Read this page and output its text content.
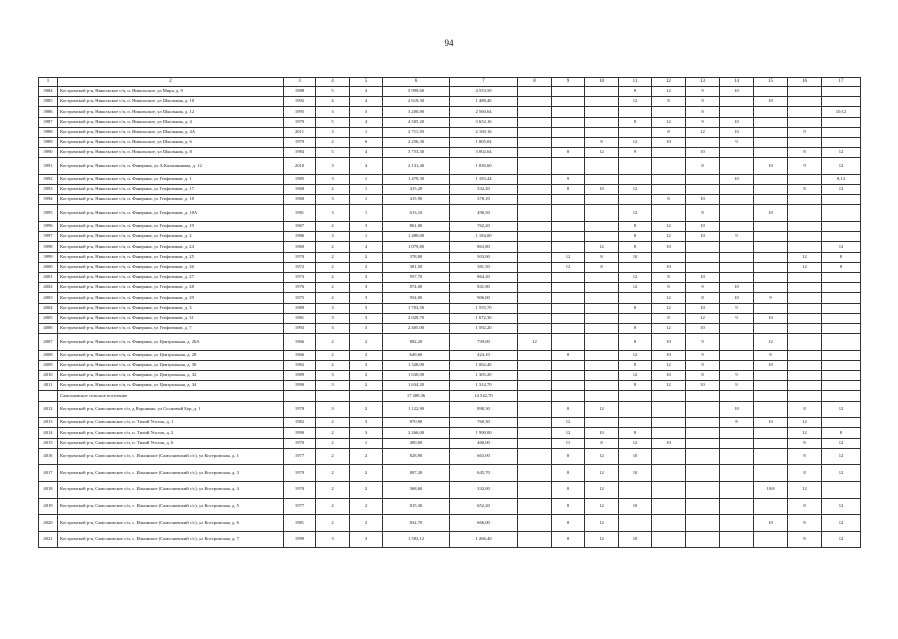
94
1	2	3	4	5	6	7	8	9	10	11	12	13	14	15	16	17
3984	Костромской р-н, Никольское с/п, п. Никольское, ул Мира, д. 9	1988	5	4	5 999,60	4 553,50				8	12	9	10			
3985	Костромской р-н, Никольское с/п, п. Никольское, ул Школьная, д. 10	1992	4	4	2 619,30	1 488,40				12	8	9		10		
3986	Костромской р-н, Никольское с/п, п. Никольское, ул Школьная, д. 12	1995	3	3	3 200,80	2 560,64						8				10;12
3987	Костромской р-н, Никольское с/п, п. Никольское, ул Школьная, д. 4	1979	5	4	4 505,20	3 652,16				8	12	9	10			
3988	Костромской р-н, Никольское с/п, п. Никольское, ул Школьная, д. 4А	2011	3	1	2 711,50	2 169,16					8	12	10		9	
3989	Костромской р-н, Никольское с/п, п. Никольское, ул Школьная, д. 6	1979	2	6	2 256,30	1 805,04			8	12	10		9			
3990	Костромской р-н, Никольское с/п, п. Никольское, ул Школьная, д. 8	1984	5	4	3 753,30	3 002,64		8	12	9		10			8	12
3991	Костромской р-н, Никольское с/п, п. Фанерник, ул А.Калашникова, д. 12	2010	3	4	2 131,40	1 830,60						8		10	9	12
3992	Костромской р-н, Никольское с/п, п. Фанерник, ул Геофизиков, д. 1	1985	3	1	1 479,30	1 183,44		9					10			8;12
3993	Костромской р-н, Никольское с/п, п. Фанерник, ул Геофизиков, д. 17	1968	2	1	415,20	332,20		8	10	12					8	12
3994	Костромской р-н, Никольское с/п, п. Фанерник, ул Геофизиков, д. 18	1968	3	1	415,90	378,10					8	10				
3995	Костромской р-н, Никольское с/п, п. Фанерник, ул Геофизиков, д. 18А	1981	3	1	613,10	490,50				12		8		10		
3996	Костромской р-н, Никольское с/п, п. Фанерник, ул Геофизиков, д. 19	1967	2	3	861,00	762,20				8	12	10				
3997	Костромской р-н, Никольское с/п, п. Фанерник, ул Геофизиков, д. 2	1986	3	1	1 480,00	1 184,00				8	12	10	9			
3998	Костромской р-н, Никольское с/п, п. Фанерник, ул Геофизиков, д. 24	1969	2	4	1 079,80	863,80			12	8	10					12
3999	Костромской р-н, Никольское с/п, п. Фанерник, ул Геофизиков, д. 25	1970	2	2	378,80	303,00		12	8	10					12	8
4000	Костромской р-н, Никольское с/п, п. Фанерник, ул Геофизиков, д. 26	1972	2	2	381,50	381,50		12	8		10				12	8
4001	Костромской р-н, Никольское с/п, п. Фанерник, ул Геофизиков, д. 27	1973	2	3	957,70	864,20				12	8	10				
4002	Костромской р-н, Никольское с/п, п. Фанерник, ул Геофизиков, д. 28	1976	2	3	874,00	841,80				12	8	9	10			
4003	Костромской р-н, Никольское с/п, п. Фанерник, ул Геофизиков, д. 29	1975	2	3	954,00	906,00					12	8	10	9		
4004	Костромской р-н, Никольское с/п, п. Фанерник, ул Геофизиков, д. 3	1989	3	3	1 703,50	1 555,70				8	12	10	9			
4005	Костромской р-н, Никольское с/п, п. Фанерник, ул Геофизиков, д. 31	1981	3	3	2 029,70	1 672,30					8	12	9	10		
4006	Костромской р-н, Никольское с/п, п. Фанерник, ул Геофизиков, д. 7	1993	3	3	2 405,00	1 592,20				8	12	10				
4007	Костромской р-н, Никольское с/п, п. Фанерник, ул Центральная, д. 26А	1966	2	2	882,20	739,00	12			8	10	9		12		
4008	Костромской р-н, Никольское с/п, п. Фанерник, ул Центральная, д. 28	1966	2	2	649,60	424,10		8		12	10	9		8		
4009	Костромской р-н, Никольское с/п, п. Фанерник, ул Центральная, д. 30	1982	2	3	1 328,00	1 062,40				8	12	9		10		
4010	Костромской р-н, Никольское с/п, п. Фанерник, ул Центральная, д. 32	1989	3	2	1 630,00	1 305,20				12	10	8	9			
4011	Костромской р-н, Никольское с/п, п. Фанерник, ул Центральная, д. 34	1990	3	2	1 634,20	1 314,70				8	12	10	9			
	Самсоновское сельское поселение				17 489,36	14 542,70										
4012	Костромской р-н, Самсоновское с/п, д Воронино, ул Сосновый Бор, д. 1	1978	3	2	1 122,90	898,30		8	12				10		8	12
4013	Костромской р-н, Самсоновское с/п, п. Тихий Уголок, д. 1	1982	2	3	870,90	760,30		12					8	10	12	
4014	Костромской р-н, Самсоновское с/п, п. Тихий Уголок, д. 2	1990	2	3	2 266,00	1 990,00		12	10	8					12	8
4015	Костромской р-н, Самсоновское с/п, п. Тихий Уголок, д. 6	1970	2	1	490,00	460,00		11	8	12	10				8	12
4016	Костромской р-н, Самсоновское с/п, с. Ильинское (Самсоновский с/с), ул Костромская, д. 1	1977	2	2	828,90	663,00		8	12	10					8	12
4017	Костромской р-н, Самсоновское с/п, с. Ильинское (Самсоновский с/с), ул Костромская, д. 3	1979	2	2	807,20	645,70		8	12	10					8	12
4018	Костромской р-н, Самсоновское с/п, с. Ильинское (Самсоновский с/с), ул Костромская, д. 4	1970	2	2	368,60	332,00		8	12					10;8	12	
4019	Костромской р-н, Самсоновское с/п, с. Ильинское (Самсоновский с/с), ул Костромская, д. 5	1977	2	2	815,30	652,20		8	12	10					8	12
4020	Костромской р-н, Самсоновское с/п, с. Ильинское (Самсоновский с/с), ул Костромская, д. 6	1981	2	2	832,70	666,00		8	12					10	8	12
4021	Костромской р-н, Самсоновское с/п, с. Ильинское (Самсоновский с/с), ул Костромская, д. 7	1999	3	3	1 583,12	1 266,40		8	12	10					8	12
